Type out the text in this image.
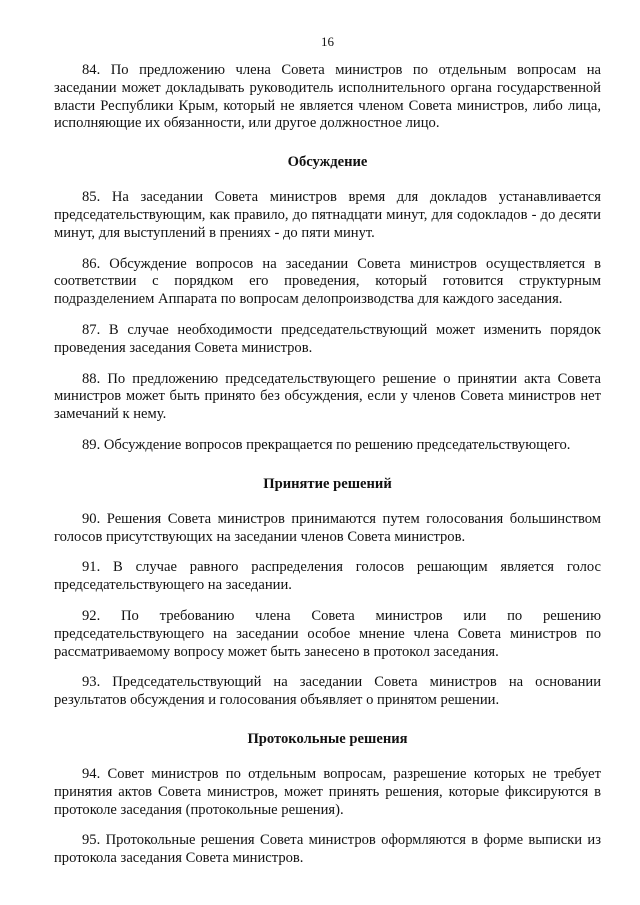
16

84. По предложению члена Совета министров по отдельным вопросам на заседании может докладывать руководитель исполнительного органа государственной власти Республики Крым, который не является членом Совета министров, либо лица, исполняющие их обязанности, или другое должностное лицо.

Обсуждение

85. На заседании Совета министров время для докладов устанавливается председательствующим, как правило, до пятнадцати минут, для содокладов - до десяти минут, для выступлений в прениях - до пяти минут.

86. Обсуждение вопросов на заседании Совета министров осуществляется в соответствии с порядком его проведения, который готовится структурным подразделением Аппарата по вопросам делопроизводства для каждого заседания.

87. В случае необходимости председательствующий может изменить порядок проведения заседания Совета министров.

88. По предложению председательствующего решение о принятии акта Совета министров может быть принято без обсуждения, если у членов Совета министров нет замечаний к нему.

89. Обсуждение вопросов прекращается по решению председательствующего.

Принятие решений

90. Решения Совета министров принимаются путем голосования большинством голосов присутствующих на заседании членов Совета министров.

91. В случае равного распределения голосов решающим является голос председательствующего на заседании.

92. По требованию члена Совета министров или по решению председательствующего на заседании особое мнение члена Совета министров по рассматриваемому вопросу может быть занесено в протокол заседания.

93. Председательствующий на заседании Совета министров на основании результатов обсуждения и голосования объявляет о принятом решении.

Протокольные решения

94. Совет министров по отдельным вопросам, разрешение которых не требует принятия актов Совета министров, может принять решения, которые фиксируются в протоколе заседания (протокольные решения).

95. Протокольные решения Совета министров оформляются в форме выписки из протокола заседания Совета министров.
